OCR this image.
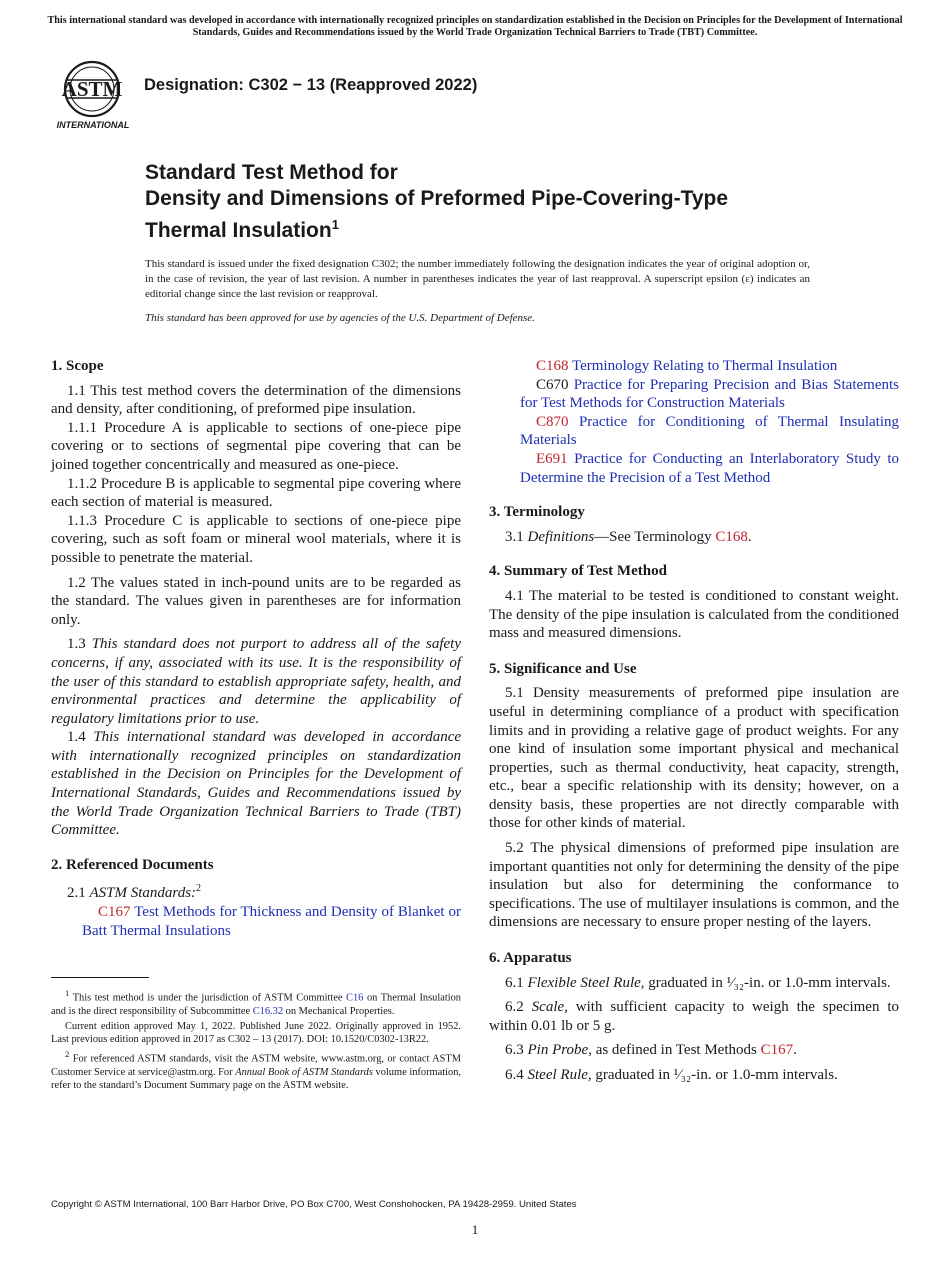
This international standard was developed in accordance with internationally recognized principles on standardization established in the Decision on Principles for the Development of International Standards, Guides and Recommendations issued by the World Trade Organization Technical Barriers to Trade (TBT) Committee.
ASTM
INTERNATIONAL
Designation: C302 − 13 (Reapproved 2022)
Standard Test Method for
Density and Dimensions of Preformed Pipe-Covering-Type
Thermal Insulation$^1$
This standard is issued under the fixed designation C302; the number immediately following the designation indicates the year of original adoption or, in the case of revision, the year of last revision. A number in parentheses indicates the year of last reapproval. A superscript epsilon (ε) indicates an editorial change since the last revision or reapproval.
This standard has been approved for use by agencies of the U.S. Department of Defense.
1. Scope

1.1 This test method covers the determination of the dimensions and density, after conditioning, of preformed pipe insulation.

1.1.1 Procedure A is applicable to sections of one-piece pipe covering or to sections of segmental pipe covering that can be joined together concentrically and measured as one-piece.

1.1.2 Procedure B is applicable to segmental pipe covering where each section of material is measured.

1.1.3 Procedure C is applicable to sections of one-piece pipe covering, such as soft foam or mineral wool materials, where it is possible to penetrate the material.

1.2 The values stated in inch-pound units are to be regarded as the standard. The values given in parentheses are for information only.

1.3 This standard does not purport to address all of the safety concerns, if any, associated with its use. It is the responsibility of the user of this standard to establish appropriate safety, health, and environmental practices and determine the applicability of regulatory limitations prior to use.

1.4 This international standard was developed in accordance with internationally recognized principles on standardization established in the Decision on Principles for the Development of International Standards, Guides and Recommendations issued by the World Trade Organization Technical Barriers to Trade (TBT) Committee.

2. Referenced Documents

2.1 ASTM Standards:$^2$

C167 Test Methods for Thickness and Density of Blanket or Batt Thermal Insulations

C168 Terminology Relating to Thermal Insulation

C670 Practice for Preparing Precision and Bias Statements for Test Methods for Construction Materials

C870 Practice for Conditioning of Thermal Insulating Materials

E691 Practice for Conducting an Interlaboratory Study to Determine the Precision of a Test Method

3. Terminology

3.1 Definitions—See Terminology C168.

4. Summary of Test Method

4.1 The material to be tested is conditioned to constant weight. The density of the pipe insulation is calculated from the conditioned mass and measured dimensions.

5. Significance and Use

5.1 Density measurements of preformed pipe insulation are useful in determining compliance of a product with specification limits and in providing a relative gage of product weights. For any one kind of insulation some important physical and mechanical properties, such as thermal conductivity, heat capacity, strength, etc., bear a specific relationship with its density; however, on a density basis, these properties are not directly comparable with those for other kinds of material.

5.2 The physical dimensions of preformed pipe insulation are important quantities not only for determining the density of the pipe insulation but also for determining the conformance to specifications. The use of multilayer insulations is common, and the dimensions are necessary to ensure proper nesting of the layers.

6. Apparatus

6.1 Flexible Steel Rule, graduated in ¹⁄₃₂-in. or 1.0-mm intervals.

6.2 Scale, with sufficient capacity to weigh the specimen to within 0.01 lb or 5 g.

6.3 Pin Probe, as defined in Test Methods C167.

6.4 Steel Rule, graduated in ¹⁄₃₂-in. or 1.0-mm intervals.

$^1$ This test method is under the jurisdiction of ASTM Committee C16 on Thermal Insulation and is the direct responsibility of Subcommittee C16.32 on Mechanical Properties.

Current edition approved May 1, 2022. Published June 2022. Originally approved in 1952. Last previous edition approved in 2017 as C302 – 13 (2017). DOI: 10.1520/C0302-13R22.

$^2$ For referenced ASTM standards, visit the ASTM website, www.astm.org, or contact ASTM Customer Service at service@astm.org. For Annual Book of ASTM Standards volume information, refer to the standard’s Document Summary page on the ASTM website.

Copyright © ASTM International, 100 Barr Harbor Drive, PO Box C700, West Conshohocken, PA 19428-2959. United States
1
